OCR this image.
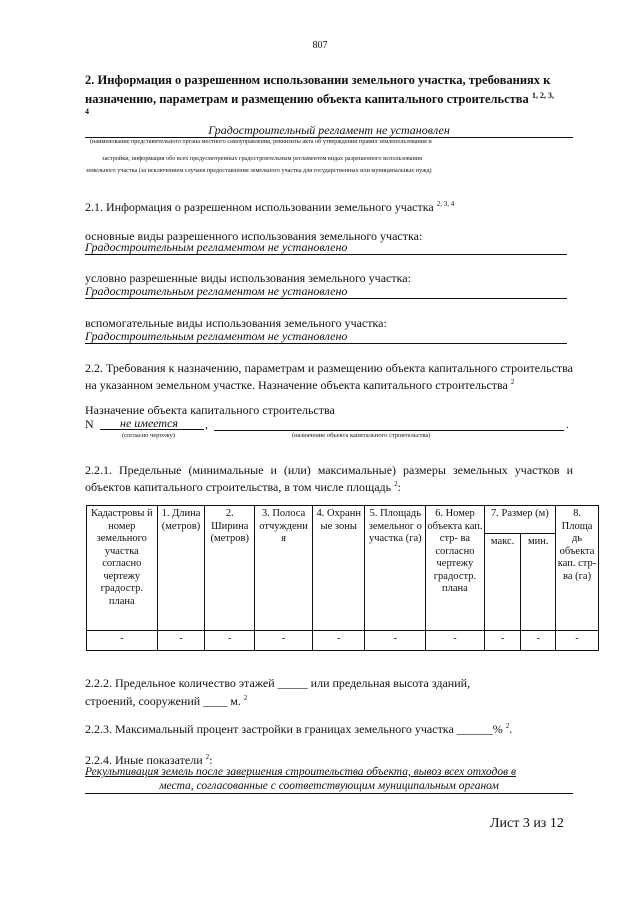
807
2. Информация о разрешенном использовании земельного участка, требованиях к
назначению, параметрам и размещению объекта капитального строительства $^{1, 2, 3,}$
4
Градостроительный регламент не установлен
(наименование представительного органа местного самоуправления, реквизиты акта об утверждении правил землепользования и
застройки, информация обо всех предусмотренных градостроительным регламентом видах разрешенного использования
земельного участка (за исключением случаев предоставления земельного участка для государственных или муниципальных нужд)
2.1. Информация о разрешенном использовании земельного участка $^{2, 3, 4}$
основные виды разрешенного использования земельного участка:
Градостроительным регламентом не установлено
условно разрешенные виды использования земельного участка:
Градостроительным регламентом не установлено
вспомогательные виды использования земельного участка:
Градостроительным регламентом не установлено
2.2. Требования к назначению, параметрам и размещению объекта капитального строительства на указанном земельном участке. Назначение объекта капитального строительства $^2$
Назначение объекта капитального строительства
N	не имеется	,	.
(согласно чертежу)	(назначение объекта капитального строительства)
2.2.1. Предельные (минимальные и (или) максимальные) размеры земельных участков и объектов капитального строительства, в том числе площадь $^2$:
Кадастровы й номер земельного участка согласно чертежу градостр. плана	1. Длина (метров)	2. Ширина (метров)	3. Полоса отчуждени я	4. Охранн ые зоны	5. Площадь земельног о участка (га)	6. Номер объекта кап. стр- ва согласно чертежу градостр. плана	7. Размер (м)		8. Площа дь объекта кап. стр-ва (га)
							макс.	мин.	
-	-	-	-	-	-	-	-	-	-
2.2.2. Предельное количество этажей _____ или предельная высота зданий,
строений, сооружений ____ м. $^2$
2.2.3. Максимальный процент застройки в границах земельного участка ______% $^2$.
2.2.4. Иные показатели $^2$:
Рекультивация земель после завершения строительства объекта, вывоз всех отходов в
места, согласованные с соответствующим муниципальным органом
Лист 3 из 12
